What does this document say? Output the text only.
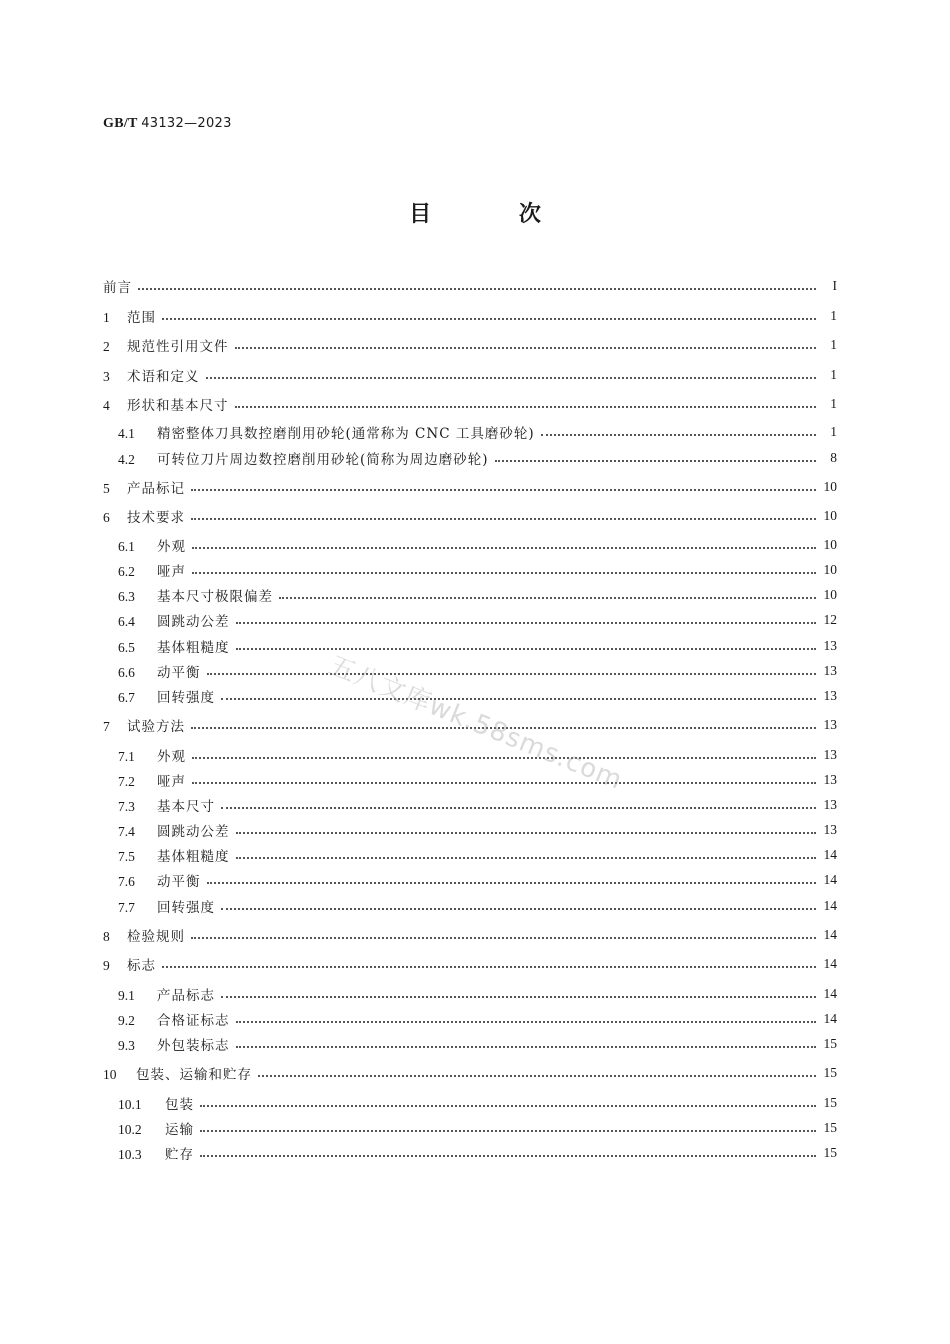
GB/T 43132—2023
目 次
前言	I
1 范围	1
2 规范性引用文件	1
3 术语和定义	1
4 形状和基本尺寸	1
4.1 精密整体刀具数控磨削用砂轮(通常称为 CNC 工具磨砂轮)	1
4.2 可转位刀片周边数控磨削用砂轮(简称为周边磨砂轮)	8
5 产品标记	10
6 技术要求	10
6.1 外观	10
6.2 哑声	10
6.3 基本尺寸极限偏差	10
6.4 圆跳动公差	12
6.5 基体粗糙度	13
6.6 动平衡	13
6.7 回转强度	13
7 试验方法	13
7.1 外观	13
7.2 哑声	13
7.3 基本尺寸	13
7.4 圆跳动公差	13
7.5 基体粗糙度	14
7.6 动平衡	14
7.7 回转强度	14
8 检验规则	14
9 标志	14
9.1 产品标志	14
9.2 合格证标志	14
9.3 外包装标志	15
10 包装、运输和贮存	15
10.1 包装	15
10.2 运输	15
10.3 贮存	15
五八文库wk.58sms.com
